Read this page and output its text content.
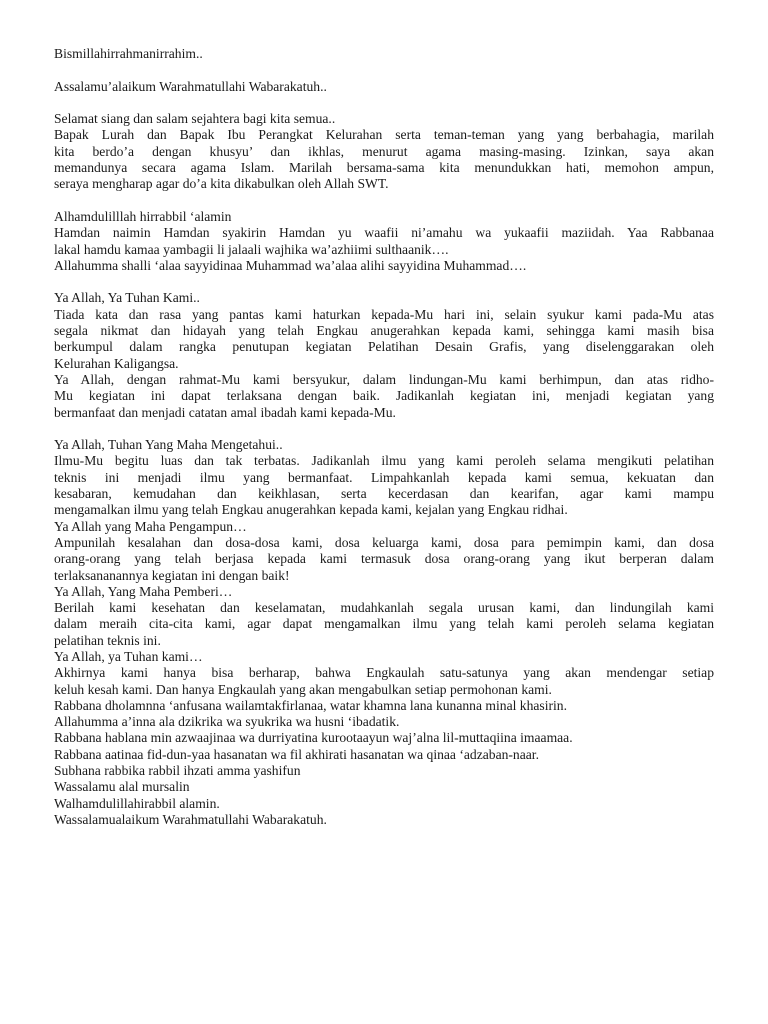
Bismillahirrahmanirrahim..
Assalamu’alaikum Warahmatullahi Wabarakatuh..
Selamat siang dan salam sejahtera bagi kita semua..
Bapak Lurah dan Bapak Ibu Perangkat Kelurahan serta teman-teman yang yang berbahagia, marilah
kita berdo’a dengan khusyu’ dan ikhlas, menurut agama masing-masing. Izinkan, saya akan
memandunya secara agama Islam. Marilah bersama-sama kita menundukkan hati, memohon ampun,
seraya mengharap agar do’a kita dikabulkan oleh Allah SWT.
Alhamdulilllah hirrabbil ‘alamin
Hamdan naimin Hamdan syakirin Hamdan yu waafii ni’amahu wa yukaafii maziidah. Yaa Rabbanaa
lakal hamdu kamaa yambagii li jalaali wajhika wa’azhiimi sulthaanik….
Allahumma shalli ‘alaa sayyidinaa Muhammad wa’alaa alihi sayyidina Muhammad….
Ya Allah, Ya Tuhan Kami..
Tiada kata dan rasa yang pantas kami haturkan kepada-Mu hari ini, selain syukur kami pada-Mu atas
segala nikmat dan hidayah yang telah Engkau anugerahkan kepada kami, sehingga kami masih bisa
berkumpul dalam rangka penutupan kegiatan Pelatihan Desain Grafis, yang diselenggarakan oleh
Kelurahan Kaligangsa.
Ya Allah, dengan rahmat-Mu kami bersyukur, dalam lindungan-Mu kami berhimpun, dan atas ridho-
Mu kegiatan ini dapat terlaksana dengan baik. Jadikanlah kegiatan ini, menjadi kegiatan yang
bermanfaat dan menjadi catatan amal ibadah kami kepada-Mu.
Ya Allah, Tuhan Yang Maha Mengetahui..
Ilmu-Mu begitu luas dan tak terbatas. Jadikanlah ilmu yang kami peroleh selama mengikuti pelatihan
teknis ini menjadi ilmu yang bermanfaat. Limpahkanlah kepada kami semua, kekuatan dan
kesabaran, kemudahan dan keikhlasan, serta kecerdasan dan kearifan, agar kami mampu
mengamalkan ilmu yang telah Engkau anugerahkan kepada kami, kejalan yang Engkau ridhai.
Ya Allah yang Maha Pengampun…
Ampunilah kesalahan dan dosa-dosa kami, dosa keluarga kami, dosa para pemimpin kami, dan dosa
orang-orang yang telah berjasa kepada kami termasuk dosa orang-orang yang ikut berperan dalam
terlaksananannya kegiatan ini dengan baik!
Ya Allah, Yang Maha Pemberi…
Berilah kami kesehatan dan keselamatan, mudahkanlah segala urusan kami, dan lindungilah kami
dalam meraih cita-cita kami, agar dapat mengamalkan ilmu yang telah kami peroleh selama kegiatan
pelatihan teknis ini.
Ya Allah, ya Tuhan kami…
Akhirnya kami hanya bisa berharap, bahwa Engkaulah satu-satunya yang akan mendengar setiap
keluh kesah kami. Dan hanya Engkaulah yang akan mengabulkan setiap permohonan kami.
Rabbana dholamnna ‘anfusana wailamtakfirlanaa, watar khamna lana kunanna minal khasirin.
Allahumma a’inna ala dzikrika wa syukrika wa husni ‘ibadatik.
Rabbana hablana min azwaajinaa wa durriyatina kurootaayun waj’alna lil-muttaqiina imaamaa.
Rabbana aatinaa fid-dun-yaa hasanatan wa fil akhirati hasanatan wa qinaa ‘adzaban-naar.
Subhana rabbika rabbil ihzati amma yashifun
Wassalamu alal mursalin
Walhamdulillahirabbil alamin.
Wassalamualaikum Warahmatullahi Wabarakatuh.
